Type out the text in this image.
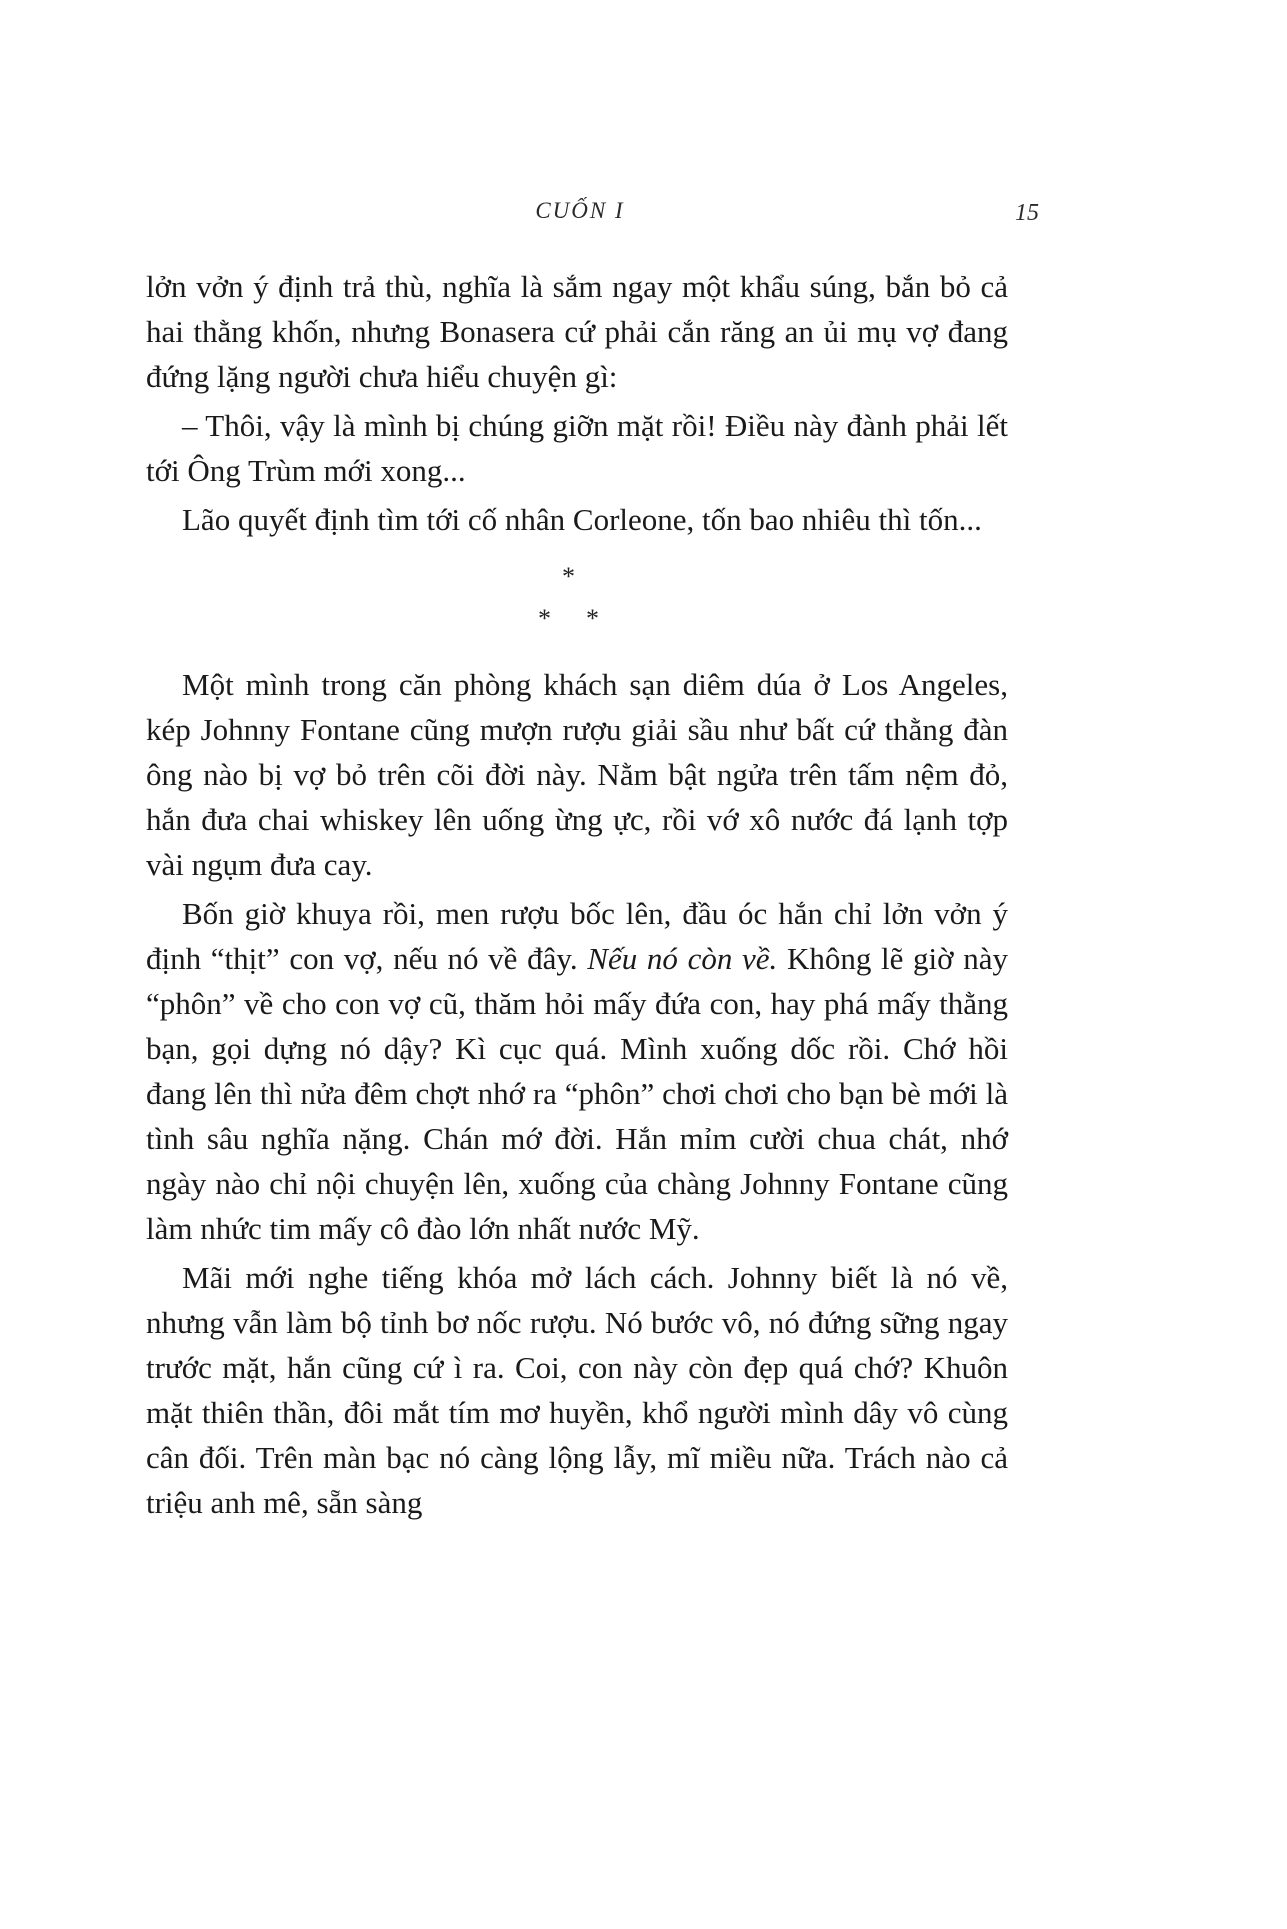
CUỐN I	15

lởn vởn ý định trả thù, nghĩa là sắm ngay một khẩu súng, bắn bỏ cả hai thằng khốn, nhưng Bonasera cứ phải cắn răng an ủi mụ vợ đang đứng lặng người chưa hiểu chuyện gì:

– Thôi, vậy là mình bị chúng giỡn mặt rồi! Điều này đành phải lết tới Ông Trùm mới xong...

Lão quyết định tìm tới cố nhân Corleone, tốn bao nhiêu thì tốn...

*
* *

Một mình trong căn phòng khách sạn diêm dúa ở Los Angeles, kép Johnny Fontane cũng mượn rượu giải sầu như bất cứ thằng đàn ông nào bị vợ bỏ trên cõi đời này. Nằm bật ngửa trên tấm nệm đỏ, hắn đưa chai whiskey lên uống ừng ực, rồi vớ xô nước đá lạnh tợp vài ngụm đưa cay.

Bốn giờ khuya rồi, men rượu bốc lên, đầu óc hắn chỉ lởn vởn ý định “thịt” con vợ, nếu nó về đây. Nếu nó còn về. Không lẽ giờ này “phôn” về cho con vợ cũ, thăm hỏi mấy đứa con, hay phá mấy thằng bạn, gọi dựng nó dậy? Kì cục quá. Mình xuống dốc rồi. Chớ hồi đang lên thì nửa đêm chợt nhớ ra “phôn” chơi chơi cho bạn bè mới là tình sâu nghĩa nặng. Chán mớ đời. Hắn mỉm cười chua chát, nhớ ngày nào chỉ nội chuyện lên, xuống của chàng Johnny Fontane cũng làm nhức tim mấy cô đào lớn nhất nước Mỹ.

Mãi mới nghe tiếng khóa mở lách cách. Johnny biết là nó về, nhưng vẫn làm bộ tỉnh bơ nốc rượu. Nó bước vô, nó đứng sững ngay trước mặt, hắn cũng cứ ì ra. Coi, con này còn đẹp quá chớ? Khuôn mặt thiên thần, đôi mắt tím mơ huyền, khổ người mình dây vô cùng cân đối. Trên màn bạc nó càng lộng lẫy, mĩ miều nữa. Trách nào cả triệu anh mê, sẵn sàng
